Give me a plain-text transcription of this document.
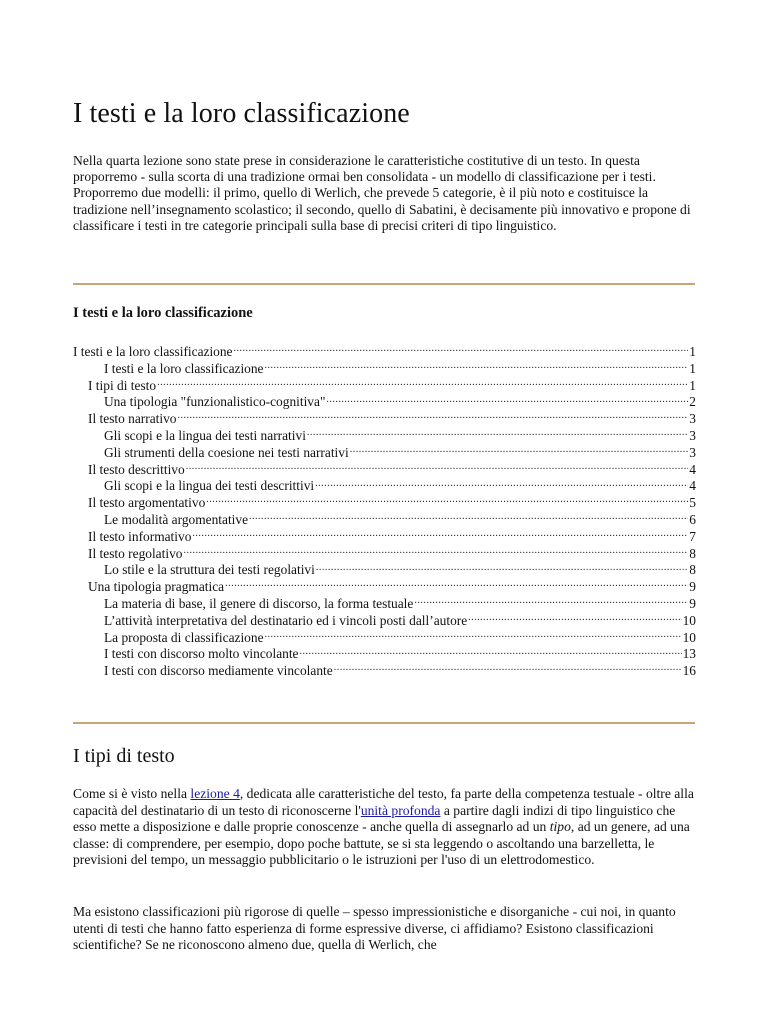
I testi e la loro classificazione

Nella quarta lezione sono state prese in considerazione le caratteristiche costitutive di un testo. In questa proporremo - sulla scorta di una tradizione ormai ben consolidata - un modello di classificazione per i testi. Proporremo due modelli: il primo, quello di Werlich, che prevede 5 categorie, è il più noto e costituisce la tradizione nell’insegnamento scolastico; il secondo, quello di Sabatini, è decisamente più innovativo e propone di classificare i testi in tre categorie principali sulla base di precisi criteri di tipo linguistico.

I testi e la loro classificazione
I testi e la loro classificazione .....	1
I testi e la loro classificazione .....	1
I tipi di testo .....	1
Una tipologia "funzionalistico-cognitiva" .....	2
Il testo narrativo .....	3
Gli scopi e la lingua dei testi narrativi .....	3
Gli strumenti della coesione nei testi narrativi .....	3
Il testo descrittivo .....	4
Gli scopi e la lingua dei testi descrittivi .....	4
Il testo argomentativo .....	5
Le modalità argomentative .....	6
Il testo informativo .....	7
Il testo regolativo .....	8
Lo stile e la struttura dei testi regolativi .....	8
Una tipologia pragmatica .....	9
La materia di base, il genere di discorso, la forma testuale .....	9
L’attività interpretativa del destinatario ed i vincoli posti dall’autore .....	10
La proposta di classificazione .....	10
I testi con discorso molto vincolante .....	13
I testi con discorso mediamente vincolante .....	16
I tipi di testo

Come si è visto nella lezione 4, dedicata alle caratteristiche del testo, fa parte della competenza testuale - oltre alla capacità del destinatario di un testo di riconoscerne l'unità profonda a partire dagli indizi di tipo linguistico che esso mette a disposizione e dalle proprie conoscenze - anche quella di assegnarlo ad un tipo, ad un genere, ad una classe: di comprendere, per esempio, dopo poche battute, se si sta leggendo o ascoltando una barzelletta, le previsioni del tempo, un messaggio pubblicitario o le istruzioni per l'uso di un elettrodomestico.

Ma esistono classificazioni più rigorose di quelle – spesso impressionistiche e disorganiche - cui noi, in quanto utenti di testi che hanno fatto esperienza di forme espressive diverse, ci affidiamo? Esistono classificazioni scientifiche? Se ne riconoscono almeno due, quella di Werlich, che
